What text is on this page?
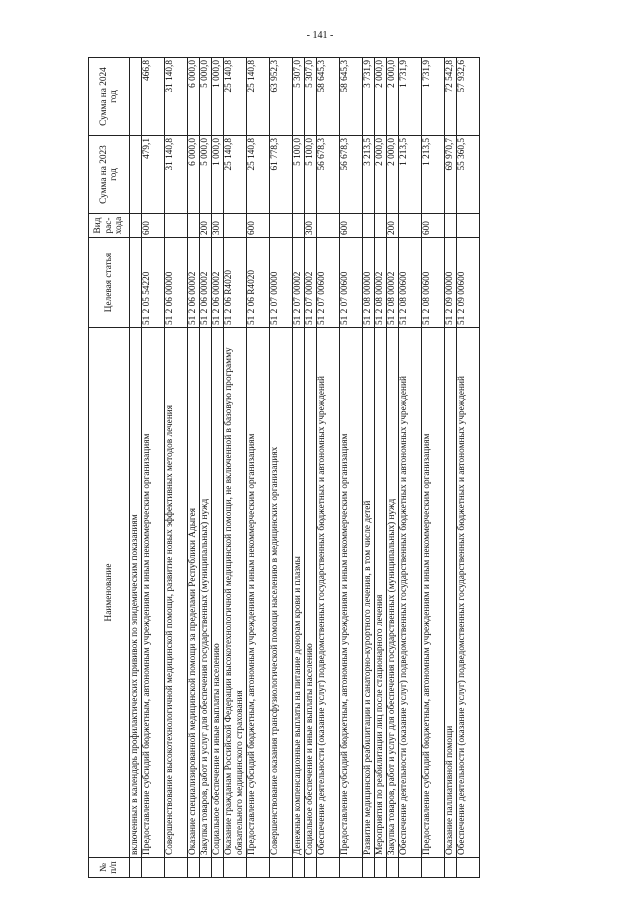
- 141 -
№ п/п	Наименование	Целевая статья	Вид рас-хода	Сумма на 2023 год	Сумма на 2024 год
	включенных в календарь профилактических прививок по эпидемическим показаниям				
	Предоставление субсидий бюджетным, автономным учреждениям и иным некоммерческим организациям	51 2 05 54220	600	479,1	466,8
	Совершенствование высокотехнологичной медицинской помощи, развитие новых эффективных методов лечения	51 2 06 00000		31 140,8	31 140,8
	Оказание специализированной медицинской помощи за пределами Республики Адыгея	51 2 06 00002		6 000,0	6 000,0
	Закупка товаров, работ и услуг для обеспечения государственных (муниципальных) нужд	51 2 06 00002	200	5 000,0	5 000,0
	Социальное обеспечение и иные выплаты населению	51 2 06 00002	300	1 000,0	1 000,0
	Оказание гражданам Российской Федерации высокотехнологичной медицинской помощи, не включенной в базовую программу обязательного медицинского страхования	51 2 06 R4020		25 140,8	25 140,8
	Предоставление субсидий бюджетным, автономным учреждениям и иным некоммерческим организациям	51 2 06 R4020	600	25 140,8	25 140,8
	Совершенствование оказания трансфузиологической помощи населению в медицинских организациях	51 2 07 00000		61 778,3	63 952,3
	Денежные компенсационные выплаты на питание донорам крови и плазмы	51 2 07 00002		5 100,0	5 307,0
	Социальное обеспечение и иные выплаты населению	51 2 07 00002	300	5 100,0	5 307,0
	Обеспечение деятельности (оказание услуг) подведомственных государственных бюджетных и автономных учреждений	51 2 07 00600		56 678,3	58 645,3
	Предоставление субсидий бюджетным, автономным учреждениям и иным некоммерческим организациям	51 2 07 00600	600	56 678,3	58 645,3
	Развитие медицинской реабилитации и санаторно-курортного лечения, в том числе детей	51 2 08 00000		3 213,5	3 731,9
	Мероприятия по реабилитации лиц после стационарного лечения	51 2 08 00002		2 000,0	2 000,0
	Закупка товаров, работ и услуг для обеспечения государственных (муниципальных) нужд	51 2 08 00002	200	2 000,0	2 000,0
	Обеспечение деятельности (оказание услуг) подведомственных государственных бюджетных и автономных учреждений	51 2 08 00600		1 213,5	1 731,9
	Предоставление субсидий бюджетным, автономным учреждениям и иным некоммерческим организациям	51 2 08 00600	600	1 213,5	1 731,9
	Оказание паллиативной помощи	51 2 09 00000		69 970,7	72 542,8
	Обеспечение деятельности (оказание услуг) подведомственных государственных бюджетных и автономных учреждений	51 2 09 00600		55 360,5	57 932,6
